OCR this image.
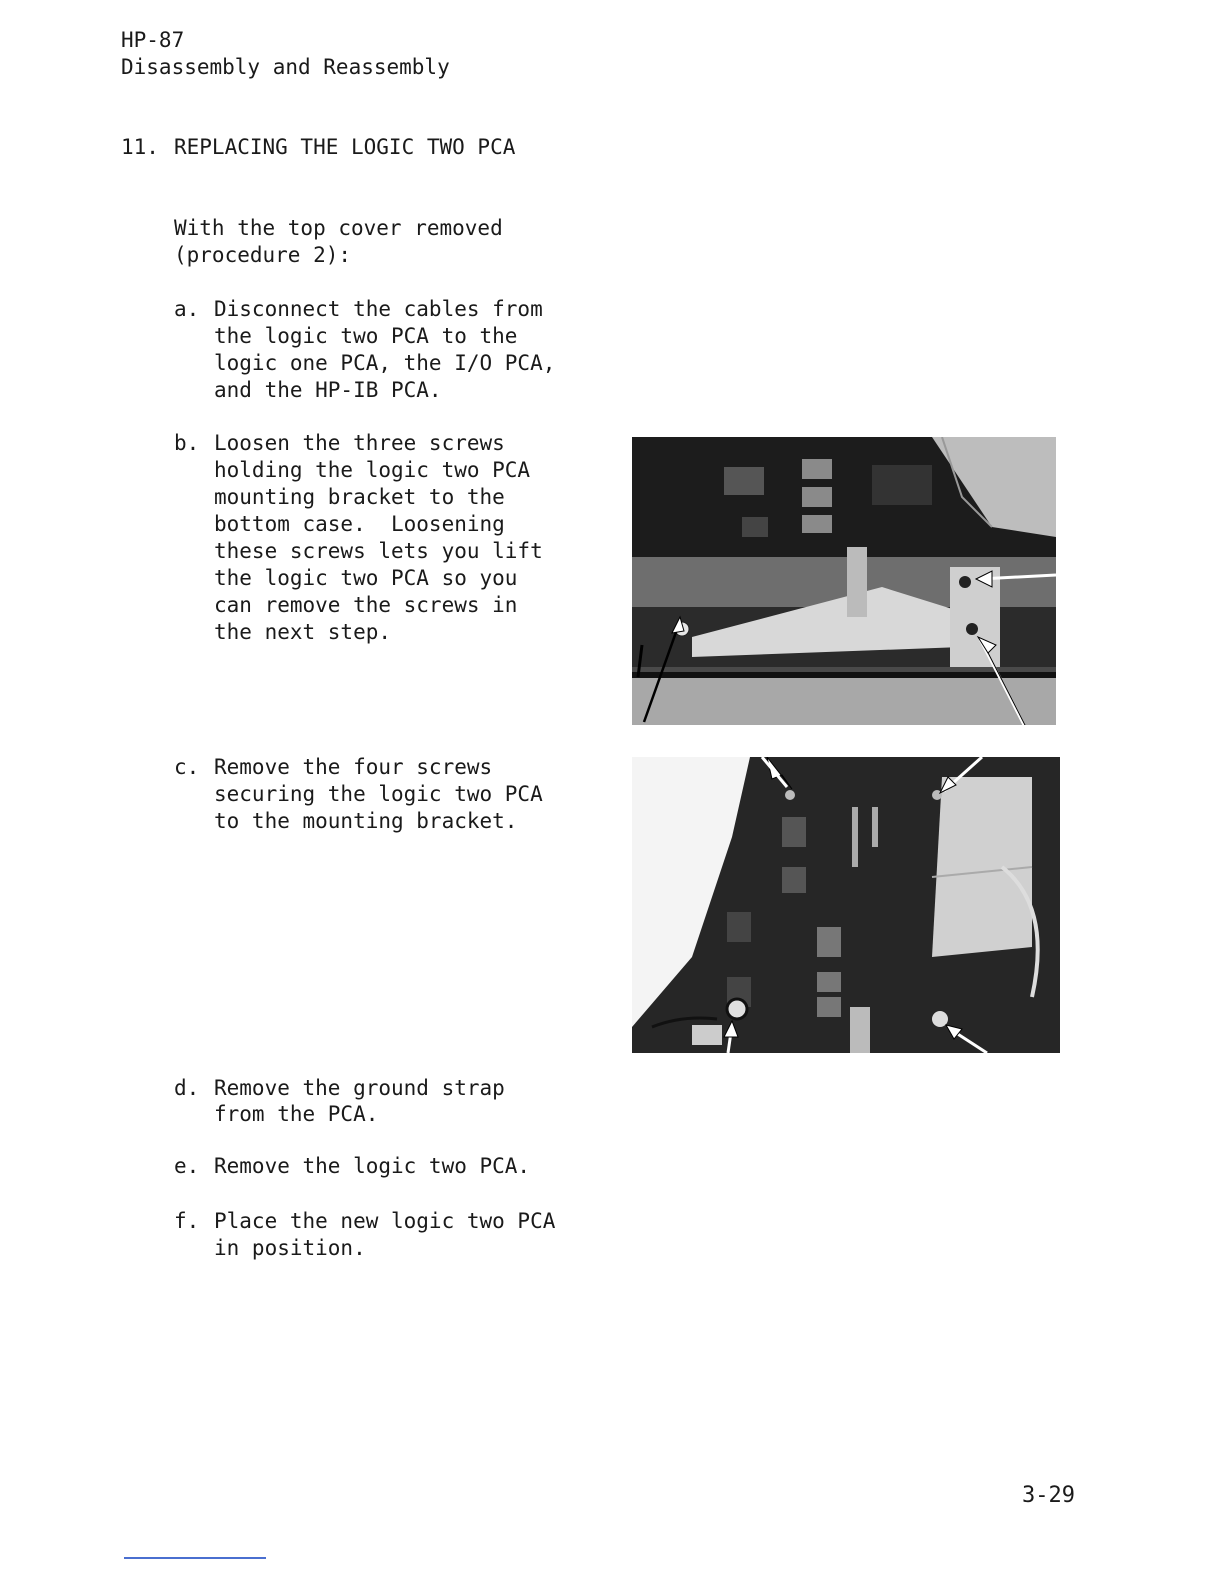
HP-87
Disassembly and Reassembly
11. REPLACING THE LOGIC TWO PCA
With the top cover removed
(procedure 2):
a. Disconnect the cables from
the logic two PCA to the
logic one PCA, the I/O PCA,
and the HP-IB PCA.
b. Loosen the three screws
holding the logic two PCA
mounting bracket to the
bottom case.  Loosening
these screws lets you lift
the logic two PCA so you
can remove the screws in
the next step.
c. Remove the four screws
securing the logic two PCA
to the mounting bracket.
d. Remove the ground strap
from the PCA.
e. Remove the logic two PCA.
f. Place the new logic two PCA
in position.
3-29
